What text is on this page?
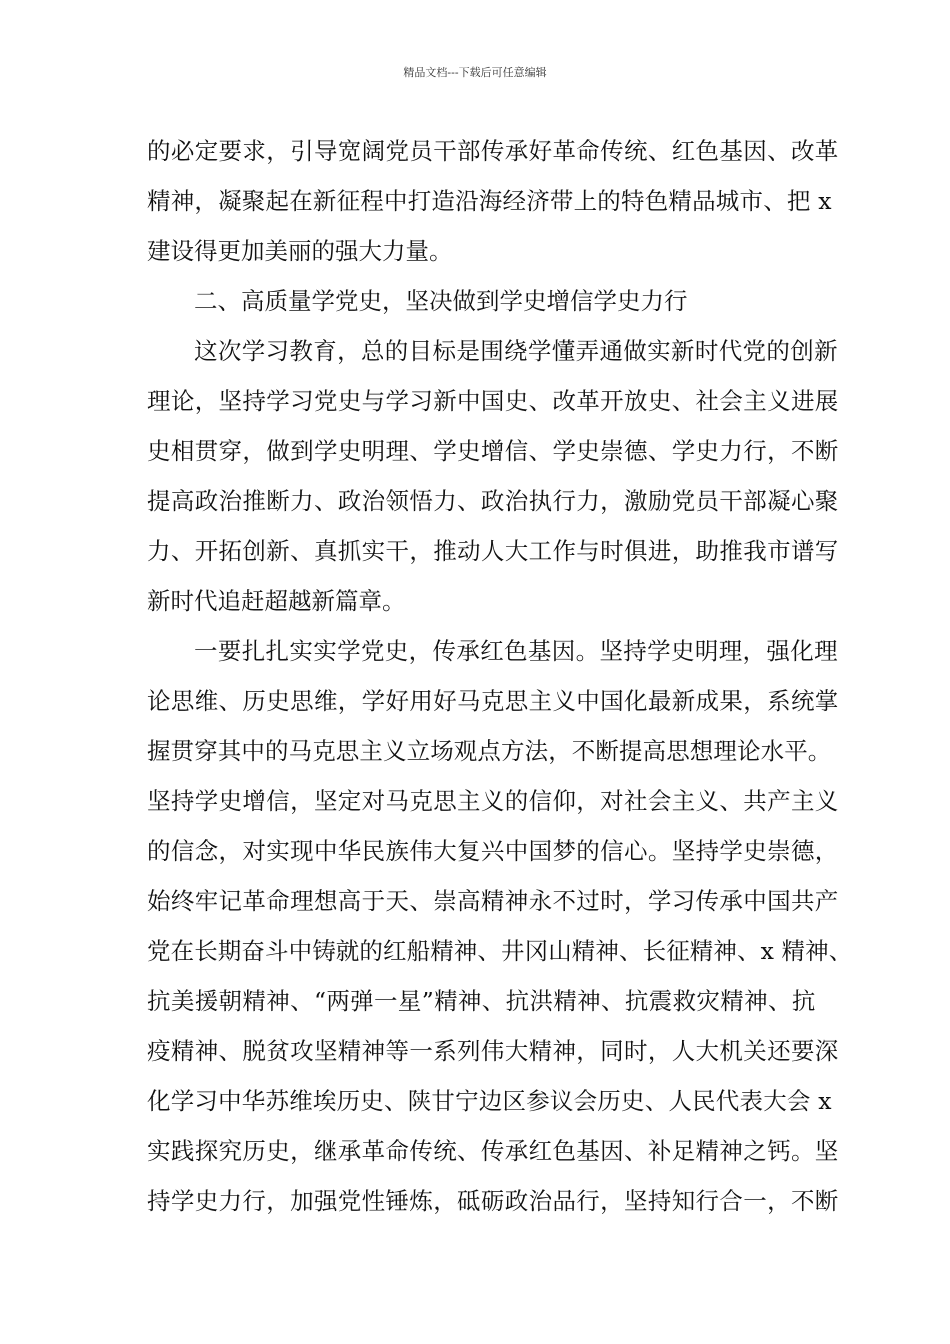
精品文档---下载后可任意编辑
的必定要求，引导宽阔党员干部传承好革命传统、红色基因、改革
精神，凝聚起在新征程中打造沿海经济带上的特色精品城市、把 x
建设得更加美丽的强大力量。
二、高质量学党史，坚决做到学史增信学史力行
这次学习教育，总的目标是围绕学懂弄通做实新时代党的创新
理论，坚持学习党史与学习新中国史、改革开放史、社会主义进展
史相贯穿，做到学史明理、学史增信、学史崇德、学史力行，不断
提高政治推断力、政治领悟力、政治执行力，激励党员干部凝心聚
力、开拓创新、真抓实干，推动人大工作与时俱进，助推我市谱写
新时代追赶超越新篇章。
一要扎扎实实学党史，传承红色基因。坚持学史明理，强化理
论思维、历史思维，学好用好马克思主义中国化最新成果，系统掌
握贯穿其中的马克思主义立场观点方法，不断提高思想理论水平。
坚持学史增信，坚定对马克思主义的信仰，对社会主义、共产主义
的信念，对实现中华民族伟大复兴中国梦的信心。坚持学史崇德，
始终牢记革命理想高于天、崇高精神永不过时，学习传承中国共产
党在长期奋斗中铸就的红船精神、井冈山精神、长征精神、x 精神、
抗美援朝精神、“两弹一星”精神、抗洪精神、抗震救灾精神、抗
疫精神、脱贫攻坚精神等一系列伟大精神，同时，人大机关还要深
化学习中华苏维埃历史、陕甘宁边区参议会历史、人民代表大会 x
实践探究历史，继承革命传统、传承红色基因、补足精神之钙。坚
持学史力行，加强党性锤炼，砥砺政治品行，坚持知行合一，不断
